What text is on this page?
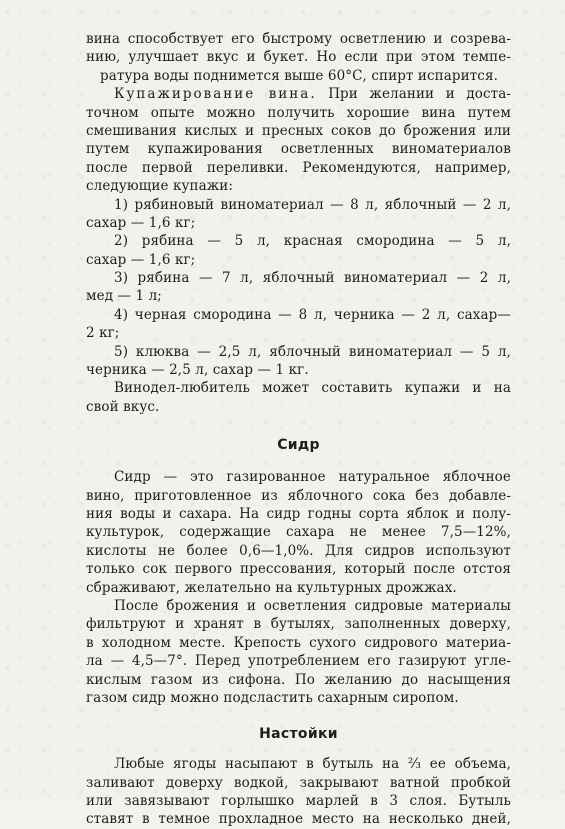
вина способствует его быстрому осветлению и созрева-
нию, улучшает вкус и букет. Но если при этом темпе-
ратура воды поднимется выше 60°С, спирт испарится.
Купажирование вина. При желании и доста-
точном опыте можно получить хорошие вина путем
смешивания кислых и пресных соков до брожения или
путем купажирования осветленных виноматериалов
после первой переливки. Рекомендуются, например,
следующие купажи:
1) рябиновый виноматериал — 8 л, яблочный — 2 л,
сахар — 1,6 кг;
2) рябина — 5 л, красная смородина — 5 л,
сахар — 1,6 кг;
3) рябина — 7 л, яблочный виноматериал — 2 л,
мед — 1 л;
4) черная смородина — 8 л, черника — 2 л, сахар—
2 кг;
5) клюква — 2,5 л, яблочный виноматериал — 5 л,
черника — 2,5 л, сахар — 1 кг.
Винодел-любитель может составить купажи и на
свой вкус.
Сидр
Сидр — это газированное натуральное яблочное
вино, приготовленное из яблочного сока без добавле-
ния воды и сахара. На сидр годны сорта яблок и полу-
культурок, содержащие сахара не менее 7,5—12%,
кислоты не более 0,6—1,0%. Для сидров используют
только сок первого прессования, который после отстоя
сбраживают, желательно на культурных дрожжах.
После брожения и осветления сидровые материалы
фильтруют и хранят в бутылях, заполненных доверху,
в холодном месте. Крепость сухого сидрового материа-
ла — 4,5—7°. Перед употреблением его газируют угле-
кислым газом из сифона. По желанию до насыщения
газом сидр можно подсластить сахарным сиропом.
Настойки
Любые ягоды насыпают в бутыль на ⅔ ее объема,
заливают доверху водкой, закрывают ватной пробкой
или завязывают горлышко марлей в 3 слоя. Бутыль
ставят в темное прохладное место на несколько дней,
